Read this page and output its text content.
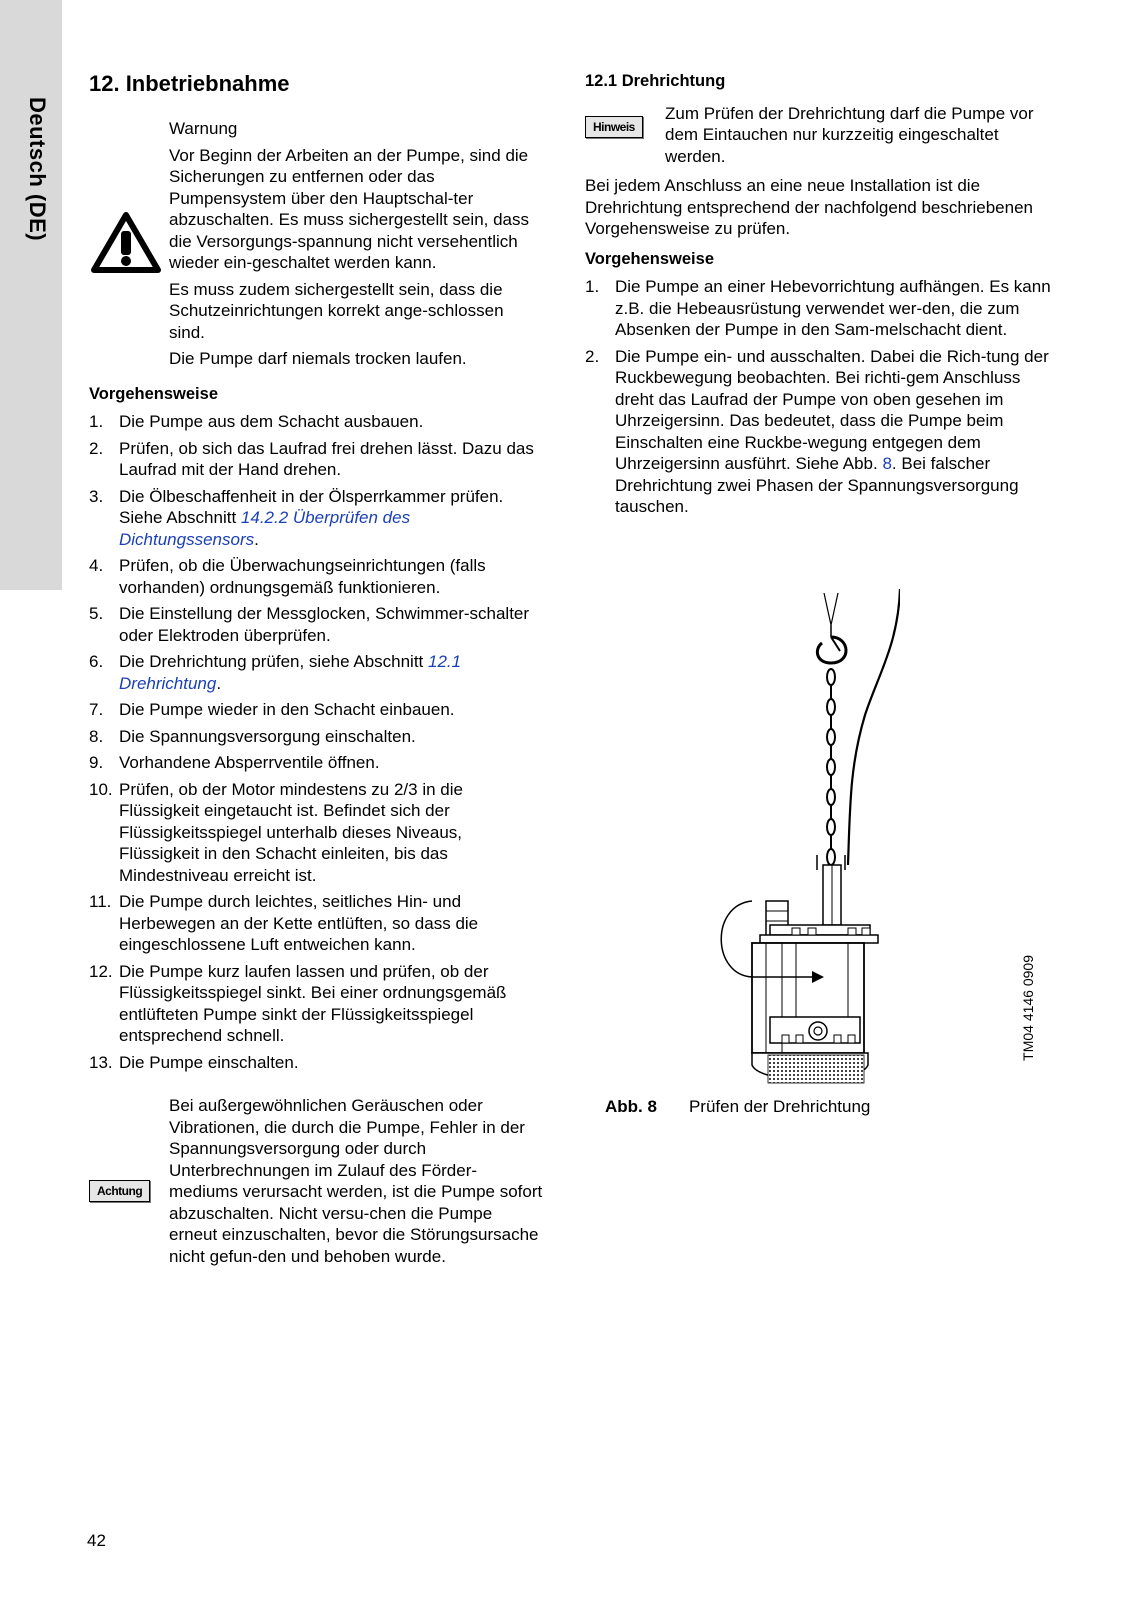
Deutsch (DE)
12. Inbetriebnahme

Warnung

Vor Beginn der Arbeiten an der Pumpe, sind die Sicherungen zu entfernen oder das Pumpensystem über den Hauptschal-ter abzuschalten. Es muss sichergestellt sein, dass die Versorgungs-spannung nicht versehentlich wieder ein-geschaltet werden kann.

Es muss zudem sichergestellt sein, dass die Schutzeinrichtungen korrekt ange-schlossen sind.

Die Pumpe darf niemals trocken laufen.

Vorgehensweise
1. Die Pumpe aus dem Schacht ausbauen.
2. Prüfen, ob sich das Laufrad frei drehen lässt. Dazu das Laufrad mit der Hand drehen.
3. Die Ölbeschaffenheit in der Ölsperrkammer prüfen. Siehe Abschnitt 14.2.2 Überprüfen des Dichtungssensors.
4. Prüfen, ob die Überwachungseinrichtungen (falls vorhanden) ordnungsgemäß funktionieren.
5. Die Einstellung der Messglocken, Schwimmer-schalter oder Elektroden überprüfen.
6. Die Drehrichtung prüfen, siehe Abschnitt 12.1 Drehrichtung.
7. Die Pumpe wieder in den Schacht einbauen.
8. Die Spannungsversorgung einschalten.
9. Vorhandene Absperrventile öffnen.
10. Prüfen, ob der Motor mindestens zu 2/3 in die Flüssigkeit eingetaucht ist. Befindet sich der Flüssigkeitsspiegel unterhalb dieses Niveaus, Flüssigkeit in den Schacht einleiten, bis das Mindestniveau erreicht ist.
11. Die Pumpe durch leichtes, seitliches Hin- und Herbewegen an der Kette entlüften, so dass die eingeschlossene Luft entweichen kann.
12. Die Pumpe kurz laufen lassen und prüfen, ob der Flüssigkeitsspiegel sinkt. Bei einer ordnungsgemäß entlüfteten Pumpe sinkt der Flüssigkeitsspiegel entsprechend schnell.
13. Die Pumpe einschalten.
Achtung
Bei außergewöhnlichen Geräuschen oder Vibrationen, die durch die Pumpe, Fehler in der Spannungsversorgung oder durch Unterbrechnungen im Zulauf des Förder-mediums verursacht werden, ist die Pumpe sofort abzuschalten. Nicht versu-chen die Pumpe erneut einzuschalten, bevor die Störungsursache nicht gefun-den und behoben wurde.
12.1 Drehrichtung
Hinweis
Zum Prüfen der Drehrichtung darf die Pumpe vor dem Eintauchen nur kurzzeitig eingeschaltet werden.

Bei jedem Anschluss an eine neue Installation ist die Drehrichtung entsprechend der nachfolgend beschriebenen Vorgehensweise zu prüfen.

Vorgehensweise
1. Die Pumpe an einer Hebevorrichtung aufhängen. Es kann z.B. die Hebeausrüstung verwendet wer-den, die zum Absenken der Pumpe in den Sam-melschacht dient.
2. Die Pumpe ein- und ausschalten. Dabei die Rich-tung der Ruckbewegung beobachten. Bei richti-gem Anschluss dreht das Laufrad der Pumpe von oben gesehen im Uhrzeigersinn. Das bedeutet, dass die Pumpe beim Einschalten eine Ruckbe-wegung entgegen dem Uhrzeigersinn ausführt. Siehe Abb. 8. Bei falscher Drehrichtung zwei Phasen der Spannungsversorgung tauschen.
TM04 4146 0909
Abb. 8 Prüfen der Drehrichtung
42
